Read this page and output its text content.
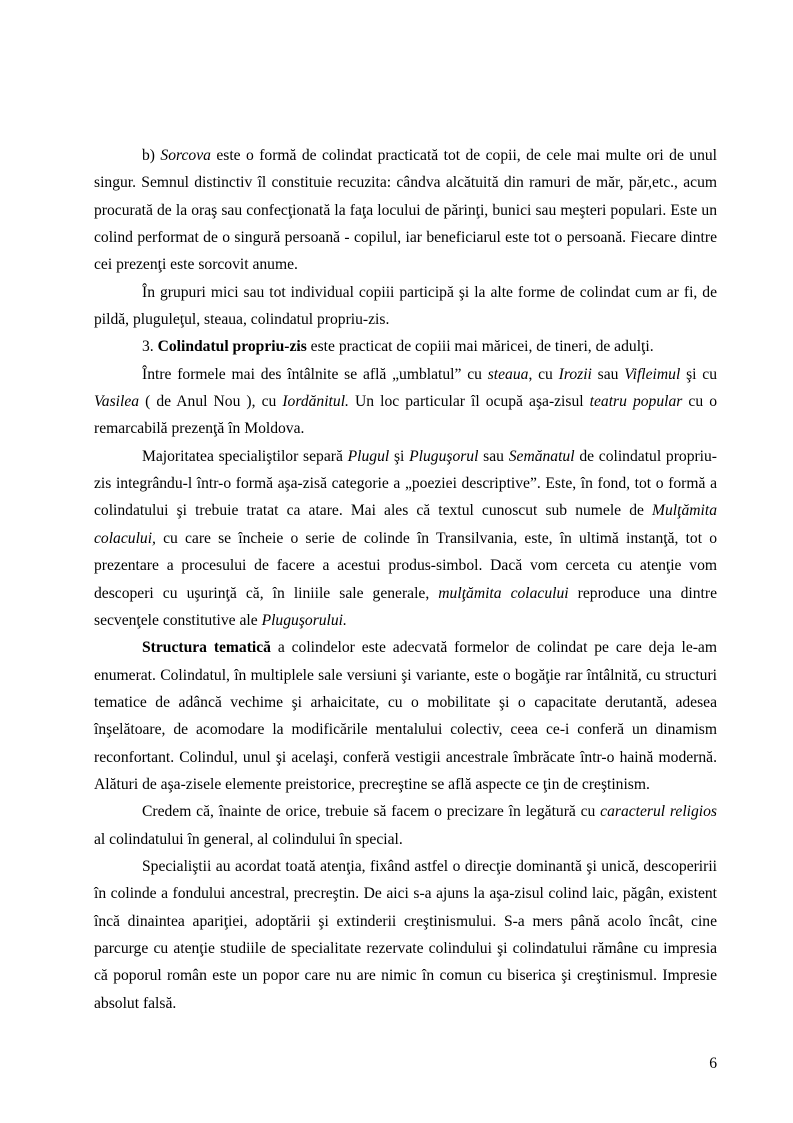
b) Sorcova este o formă de colindat practicată tot de copii, de cele mai multe ori de unul singur. Semnul distinctiv îl constituie recuzita: cândva alcătuită din ramuri de măr, păr,etc., acum procurată de la oraş sau confecţionată la faţa locului de părinţi, bunici sau meşteri populari. Este un colind performat de o singură persoană - copilul, iar beneficiarul este tot o persoană. Fiecare dintre cei prezenţi este sorcovit anume.

În grupuri mici sau tot individual copiii participă şi la alte forme de colindat cum ar fi, de pildă, pluguleţul, steaua, colindatul propriu-zis.

3. Colindatul propriu-zis este practicat de copiii mai măricei, de tineri, de adulţi.

Între formele mai des întâlnite se află „umblatul” cu steaua, cu Irozii sau Vifleimul şi cu Vasilea ( de Anul Nou ), cu Iordănitul. Un loc particular îl ocupă aşa-zisul teatru popular cu o remarcabilă prezenţă în Moldova.

Majoritatea specialiştilor separă Plugul şi Pluguşorul sau Semănatul de colindatul propriu-zis integrându-l într-o formă aşa-zisă categorie a „poeziei descriptive”. Este, în fond, tot o formă a colindatului şi trebuie tratat ca atare. Mai ales că textul cunoscut sub numele de Mulţămita colacului, cu care se încheie o serie de colinde în Transilvania, este, în ultimă instanţă, tot o prezentare a procesului de facere a acestui produs-simbol. Dacă vom cerceta cu atenţie vom descoperi cu uşurinţă că, în liniile sale generale, mulţămita colacului reproduce una dintre secvenţele constitutive ale Pluguşorului.

Structura tematică a colindelor este adecvată formelor de colindat pe care deja le-am enumerat. Colindatul, în multiplele sale versiuni şi variante, este o bogăţie rar întâlnită, cu structuri tematice de adâncă vechime şi arhaicitate, cu o mobilitate şi o capacitate derutantă, adesea înşelătoare, de acomodare la modificările mentalului colectiv, ceea ce-i conferă un dinamism reconfortant. Colindul, unul şi acelaşi, conferă vestigii ancestrale îmbrăcate într-o haină modernă. Alături de aşa-zisele elemente preistorice, precreştine se află aspecte ce ţin de creştinism.

Credem că, înainte de orice, trebuie să facem o precizare în legătură cu caracterul religios al colindatului în general, al colindului în special.

Specialiştii au acordat toată atenţia, fixând astfel o direcţie dominantă şi unică, descoperirii în colinde a fondului ancestral, precreştin. De aici s-a ajuns la aşa-zisul colind laic, păgân, existent încă dinaintea apariţiei, adoptării şi extinderii creştinismului. S-a mers până acolo încât, cine parcurge cu atenţie studiile de specialitate rezervate colindului şi colindatului rămâne cu impresia că poporul român este un popor care nu are nimic în comun cu biserica şi creştinismul. Impresie absolut falsă.

6
